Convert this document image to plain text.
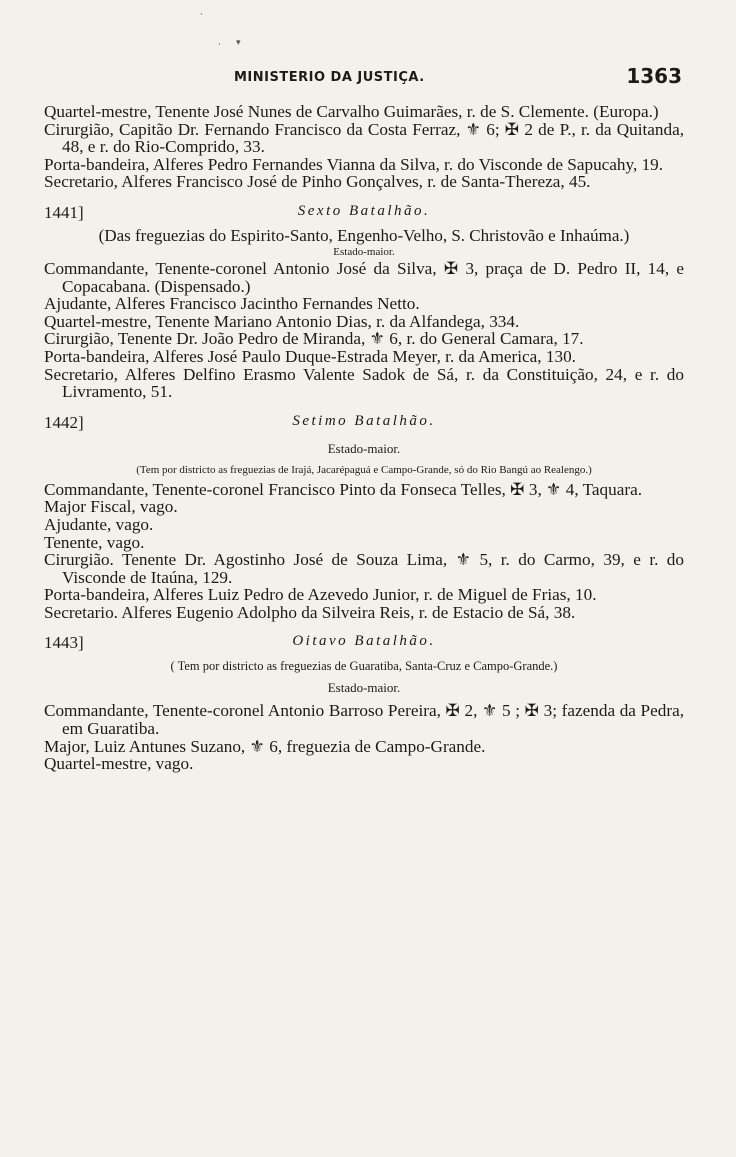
·
· ▾
MINISTERIO DA JUSTIÇA.	1363

Quartel-mestre, Tenente José Nunes de Carvalho Guimarães, r. de S. Clemente. (Europa.)

Cirurgião, Capitão Dr. Fernando Francisco da Costa Ferraz, ⚜ 6; ✠ 2 de P., r. da Quitanda, 48, e r. do Rio-Comprido, 33.

Porta-bandeira, Alferes Pedro Fernandes Vianna da Silva, r. do Visconde de Sapucahy, 19.

Secretario, Alferes Francisco José de Pinho Gonçalves, r. de Santa-Thereza, 45.

1441]	Sexto Batalhão.

(Das freguezias do Espirito-Santo, Engenho-Velho, S. Christovão e Inhaúma.)

Estado-maior.

Commandante, Tenente-coronel Antonio José da Silva, ✠ 3, praça de D. Pedro II, 14, e Copacabana. (Dispensado.)

Ajudante, Alferes Francisco Jacintho Fernandes Netto.

Quartel-mestre, Tenente Mariano Antonio Dias, r. da Alfandega, 334.

Cirurgião, Tenente Dr. João Pedro de Miranda, ⚜ 6, r. do General Camara, 17.

Porta-bandeira, Alferes José Paulo Duque-Estrada Meyer, r. da America, 130.

Secretario, Alferes Delfino Erasmo Valente Sadok de Sá, r. da Constituição, 24, e r. do Livramento, 51.

1442]	Setimo Batalhão.

Estado-maior.

(Tem por districto as freguezias de Irajá, Jacarépaguá e Campo-Grande, só do Rio Bangú ao Realengo.)

Commandante, Tenente-coronel Francisco Pinto da Fonseca Telles, ✠ 3, ⚜ 4, Taquara.

Major Fiscal, vago.

Ajudante, vago.

Tenente, vago.

Cirurgião. Tenente Dr. Agostinho José de Souza Lima, ⚜ 5, r. do Carmo, 39, e r. do Visconde de Itaúna, 129.

Porta-bandeira, Alferes Luiz Pedro de Azevedo Junior, r. de Miguel de Frias, 10.

Secretario. Alferes Eugenio Adolpho da Silveira Reis, r. de Estacio de Sá, 38.

1443]	Oitavo Batalhão.

( Tem por districto as freguezias de Guaratiba, Santa-Cruz e Campo-Grande.)

Estado-maior.

Commandante, Tenente-coronel Antonio Barroso Pereira, ✠ 2, ⚜ 5 ; ✠ 3; fazenda da Pedra, em Guaratiba.

Major, Luiz Antunes Suzano, ⚜ 6, freguezia de Campo-Grande.

Quartel-mestre, vago.
